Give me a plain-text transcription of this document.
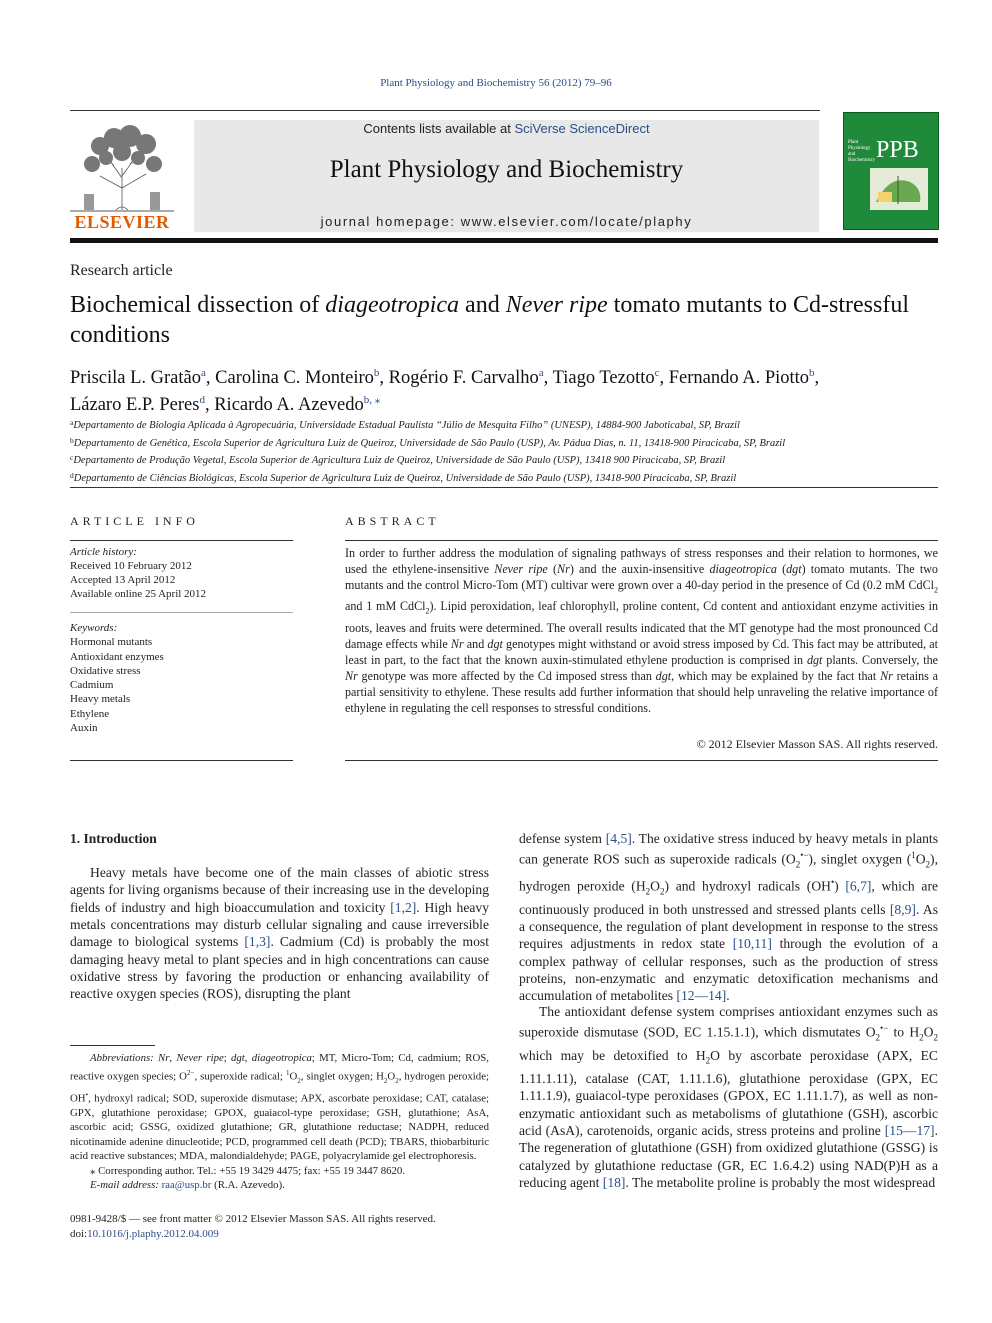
Plant Physiology and Biochemistry 56 (2012) 79–96
ELSEVIER
Contents lists available at SciVerse ScienceDirect
Plant Physiology and Biochemistry
journal homepage: www.elsevier.com/locate/plaphy
Plant Physiology and Biochemistry PPB
Research article
Biochemical dissection of diageotropica and Never ripe tomato mutants to Cd-stressful conditions
Priscila L. Gratão$^a$, Carolina C. Monteiro$^b$, Rogério F. Carvalho$^a$, Tiago Tezotto$^c$, Fernando A. Piotto$^b$,
Lázaro E.P. Peres$^d$, Ricardo A. Azevedo$^{b, ⁎}$
$^a$Departamento de Biologia Aplicada à Agropecuária, Universidade Estadual Paulista “Júlio de Mesquita Filho” (UNESP), 14884-900 Jaboticabal, SP, Brazil
$^b$Departamento de Genética, Escola Superior de Agricultura Luiz de Queiroz, Universidade de São Paulo (USP), Av. Pádua Dias, n. 11, 13418-900 Piracicaba, SP, Brazil
$^c$Departamento de Produção Vegetal, Escola Superior de Agricultura Luiz de Queiroz, Universidade de São Paulo (USP), 13418 900 Piracicaba, SP, Brazil
$^d$Departamento de Ciências Biológicas, Escola Superior de Agricultura Luiz de Queiroz, Universidade de São Paulo (USP), 13418-900 Piracicaba, SP, Brazil
ARTICLE INFO	ABSTRACT
Article history:
Received 10 February 2012
Accepted 13 April 2012
Available online 25 April 2012
Keywords:
Hormonal mutants
Antioxidant enzymes
Oxidative stress
Cadmium
Heavy metals
Ethylene
Auxin
In order to further address the modulation of signaling pathways of stress responses and their relation to hormones, we used the ethylene-insensitive Never ripe (Nr) and the auxin-insensitive diageotropica (dgt) tomato mutants. The two mutants and the control Micro-Tom (MT) cultivar were grown over a 40-day period in the presence of Cd (0.2 mM CdCl$_2$ and 1 mM CdCl$_2$). Lipid peroxidation, leaf chlorophyll, proline content, Cd content and antioxidant enzyme activities in roots, leaves and fruits were determined. The overall results indicated that the MT genotype had the most pronounced Cd damage effects while Nr and dgt genotypes might withstand or avoid stress imposed by Cd. This fact may be attributed, at least in part, to the fact that the known auxin-stimulated ethylene production is comprised in dgt plants. Conversely, the Nr genotype was more affected by the Cd imposed stress than dgt, which may be explained by the fact that Nr retains a partial sensitivity to ethylene. These results add further information that should help unraveling the relative importance of ethylene in regulating the cell responses to stressful conditions.
© 2012 Elsevier Masson SAS. All rights reserved.
1. Introduction
Heavy metals have become one of the main classes of abiotic stress agents for living organisms because of their increasing use in the developing fields of industry and high bioaccumulation and toxicity [1,2]. High heavy metals concentrations may disturb cellular signaling and cause irreversible damage to biological systems [1,3]. Cadmium (Cd) is probably the most damaging heavy metal to plant species and in high concentrations can cause oxidative stress by favoring the production or enhancing availability of reactive oxygen species (ROS), disrupting the plant
defense system [4,5]. The oxidative stress induced by heavy metals in plants can generate ROS such as superoxide radicals $(O_2^{•-})$, singlet oxygen $(^1O_2)$, hydrogen peroxide $(H_2O_2)$ and hydroxyl radicals (OH•) [6,7], which are continuously produced in both unstressed and stressed plants cells [8,9]. As a consequence, the regulation of plant development in response to the stress requires adjustments in redox state [10,11] through the evolution of a complex pathway of cellular responses, such as the production of stress proteins, non-enzymatic and enzymatic detoxification mechanisms and accumulation of metabolites [12—14].
The antioxidant defense system comprises antioxidant enzymes such as superoxide dismutase (SOD, EC 1.15.1.1), which dismutates $O_2^{•-}$ to $H_2O_2$ which may be detoxified to $H_2O$ by ascorbate peroxidase (APX, EC 1.11.1.11), catalase (CAT, 1.11.1.6), glutathione peroxidase (GPX, EC 1.11.1.9), guaiacol-type peroxidases (GPOX, EC 1.11.1.7), as well as non-enzymatic antioxidant such as metabolisms of glutathione (GSH), ascorbic acid (AsA), carotenoids, organic acids, stress proteins and proline [15—17]. The regeneration of glutathione (GSH) from oxidized glutathione (GSSG) is catalyzed by glutathione reductase (GR, EC 1.6.4.2) using NAD(P)H as a reducing agent [18]. The metabolite proline is probably the most widespread
Abbreviations: Nr, Never ripe; dgt, diageotropica; MT, Micro-Tom; Cd, cadmium; ROS, reactive oxygen species; $O^{2-}$, superoxide radical; $^1O_2$, singlet oxygen; $H_2O_2$, hydrogen peroxide; OH•, hydroxyl radical; SOD, superoxide dismutase; APX, ascorbate peroxidase; CAT, catalase; GPX, glutathione peroxidase; GPOX, guaiacol-type peroxidase; GSH, glutathione; AsA, ascorbic acid; GSSG, oxidized glutathione; GR, glutathione reductase; NADPH, reduced nicotinamide adenine dinucleotide; PCD, programmed cell death (PCD); TBARS, thiobarbituric acid reactive substances; MDA, malondialdehyde; PAGE, polyacrylamide gel electrophoresis.
⁎ Corresponding author. Tel.: +55 19 3429 4475; fax: +55 19 3447 8620.
E-mail address: raa@usp.br (R.A. Azevedo).
0981-9428/$ — see front matter © 2012 Elsevier Masson SAS. All rights reserved.
doi:10.1016/j.plaphy.2012.04.009
